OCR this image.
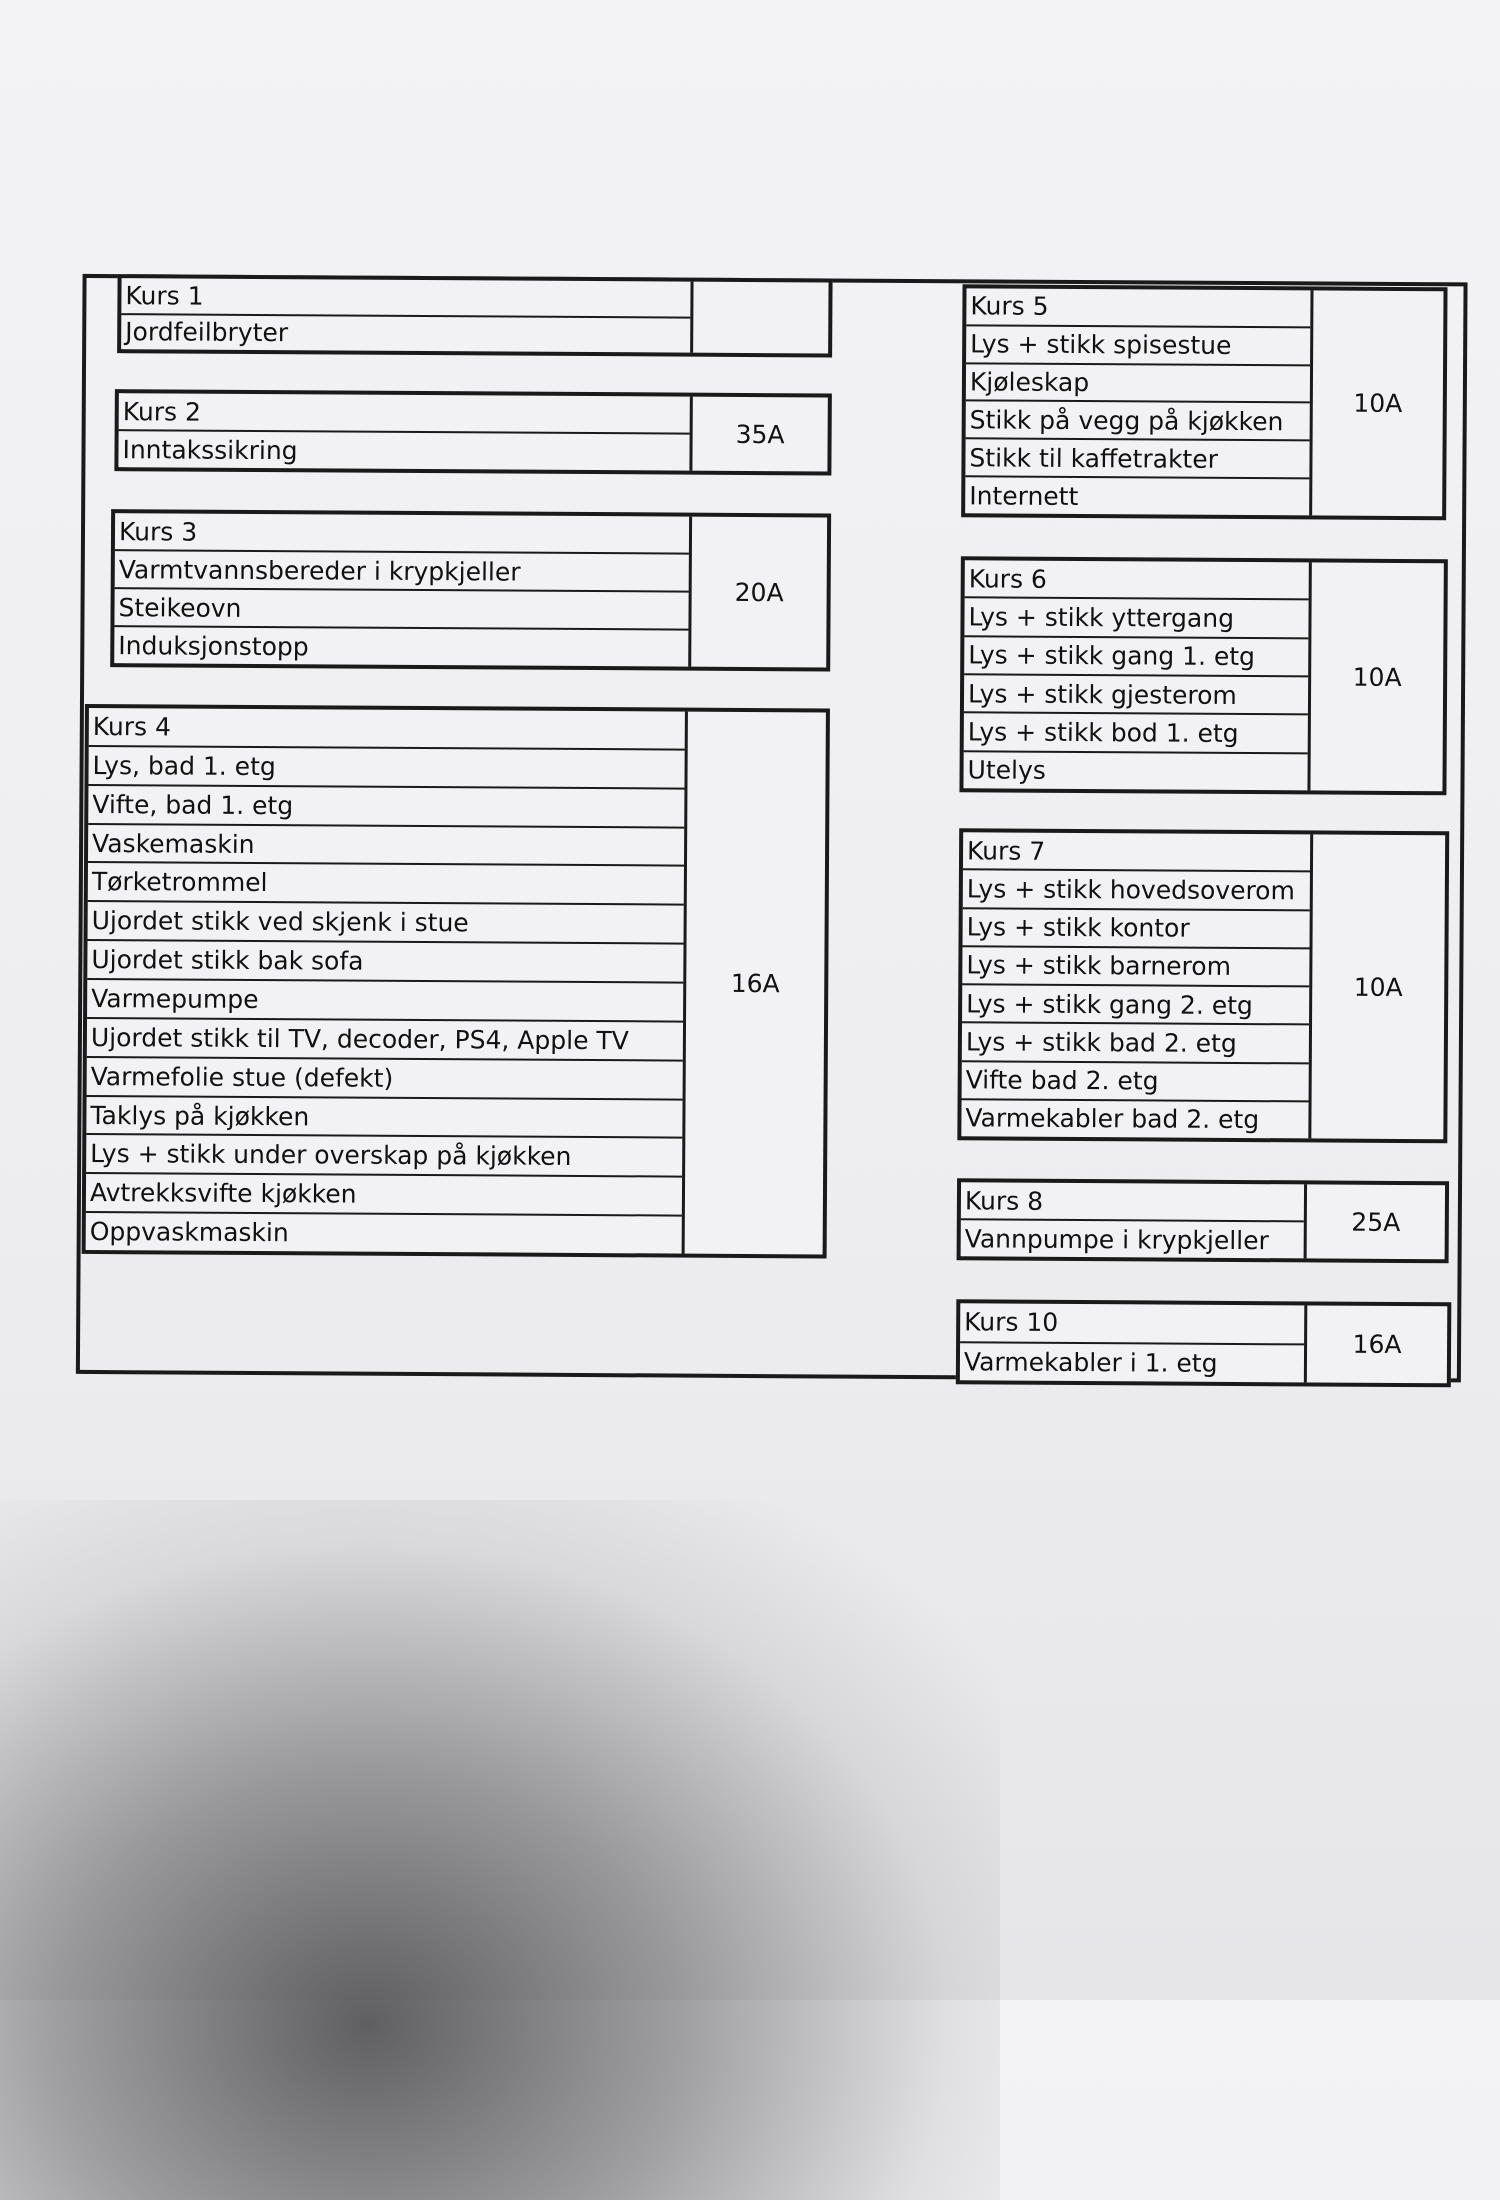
Kurs 1
Jordfeilbryter
Kurs 2
Inntakssikring
35A
Kurs 3
Varmtvannsbereder i krypkjeller
Steikeovn
Induksjonstopp
20A
Kurs 4
Lys, bad 1. etg
Vifte, bad 1. etg
Vaskemaskin
Tørketrommel
Ujordet stikk ved skjenk i stue
Ujordet stikk bak sofa
Varmepumpe
Ujordet stikk til TV, decoder, PS4, Apple TV
Varmefolie stue (defekt)
Taklys på kjøkken
Lys + stikk under overskap på kjøkken
Avtrekksvifte kjøkken
Oppvaskmaskin
16A
Kurs 5
Lys + stikk spisestue
Kjøleskap
Stikk på vegg på kjøkken
Stikk til kaffetrakter
Internett
10A
Kurs 6
Lys + stikk yttergang
Lys + stikk gang 1. etg
Lys + stikk gjesterom
Lys + stikk bod 1. etg
Utelys
10A
Kurs 7
Lys + stikk hovedsoverom
Lys + stikk kontor
Lys + stikk barnerom
Lys + stikk gang 2. etg
Lys + stikk bad 2. etg
Vifte bad 2. etg
Varmekabler bad 2. etg
10A
Kurs 8
Vannpumpe i krypkjeller
25A
Kurs 10
Varmekabler i 1. etg
16A
